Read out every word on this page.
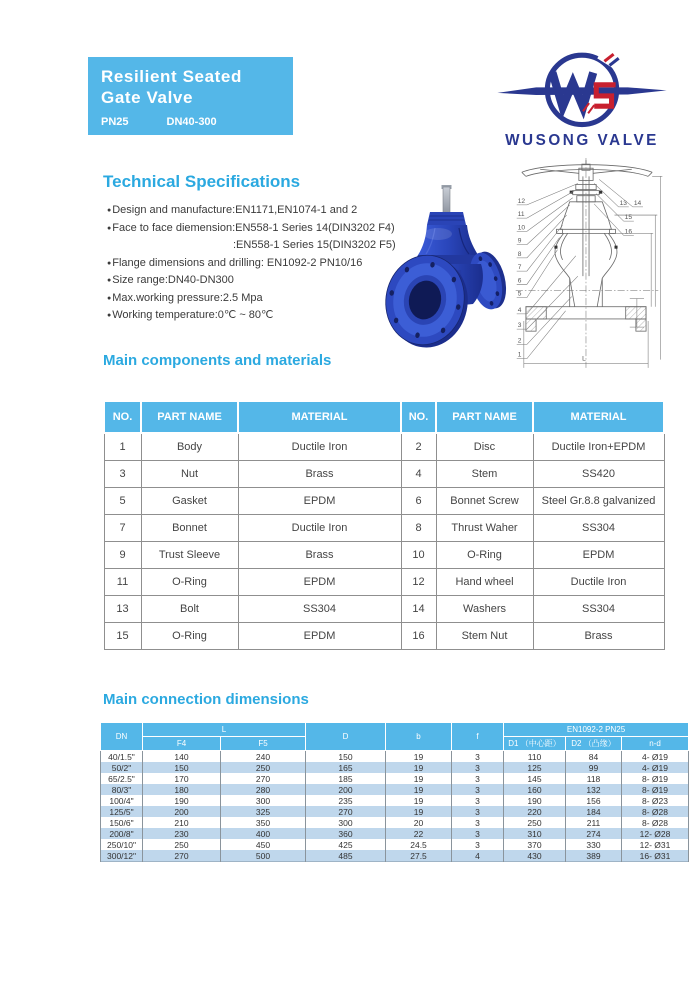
Resilient Seated
Gate Valve
PN25	DN40-300
WUSONG VALVE
Technical Specifications
Main components and materials
Main connection dimensions
●Design and manufacture:EN1171,EN1074-1 and 2
●Face to face diemension:EN558-1 Series 14(DIN3202 F4)
:EN558-1 Series 15(DIN3202 F5)
●Flange dimensions and drilling: EN1092-2 PN10/16
●Size range:DN40-DN300
●Max.working pressure:2.5 Mpa
●Working temperature:0℃ ~ 80℃
12
11
10
9
8
7
6
5
4
3
2
1
13 14
15
16
L
NO.	PART NAME	MATERIAL	NO.	PART NAME	MATERIAL
1	Body	Ductile Iron	2	Disc	Ductile Iron+EPDM
3	Nut	Brass	4	Stem	SS420
5	Gasket	EPDM	6	Bonnet Screw	Steel Gr.8.8 galvanized
7	Bonnet	Ductile Iron	8	Thrust Waher	SS304
9	Trust Sleeve	Brass	10	O-Ring	EPDM
11	O-Ring	EPDM	12	Hand wheel	Ductile Iron
13	Bolt	SS304	14	Washers	SS304
15	O-Ring	EPDM	16	Stem Nut	Brass
DN	L		D	b	f	EN1092-2 PN25		
	F4	F5				D1 （中心距）	D2 （凸缘）	n-d
40/1.5"	140	240	150	19	3	110	84	4- Ø19
50/2"	150	250	165	19	3	125	99	4- Ø19
65/2.5"	170	270	185	19	3	145	118	8- Ø19
80/3"	180	280	200	19	3	160	132	8- Ø19
100/4"	190	300	235	19	3	190	156	8- Ø23
125/5"	200	325	270	19	3	220	184	8- Ø28
150/6"	210	350	300	20	3	250	211	8- Ø28
200/8"	230	400	360	22	3	310	274	12- Ø28
250/10"	250	450	425	24.5	3	370	330	12- Ø31
300/12"	270	500	485	27.5	4	430	389	16- Ø31
